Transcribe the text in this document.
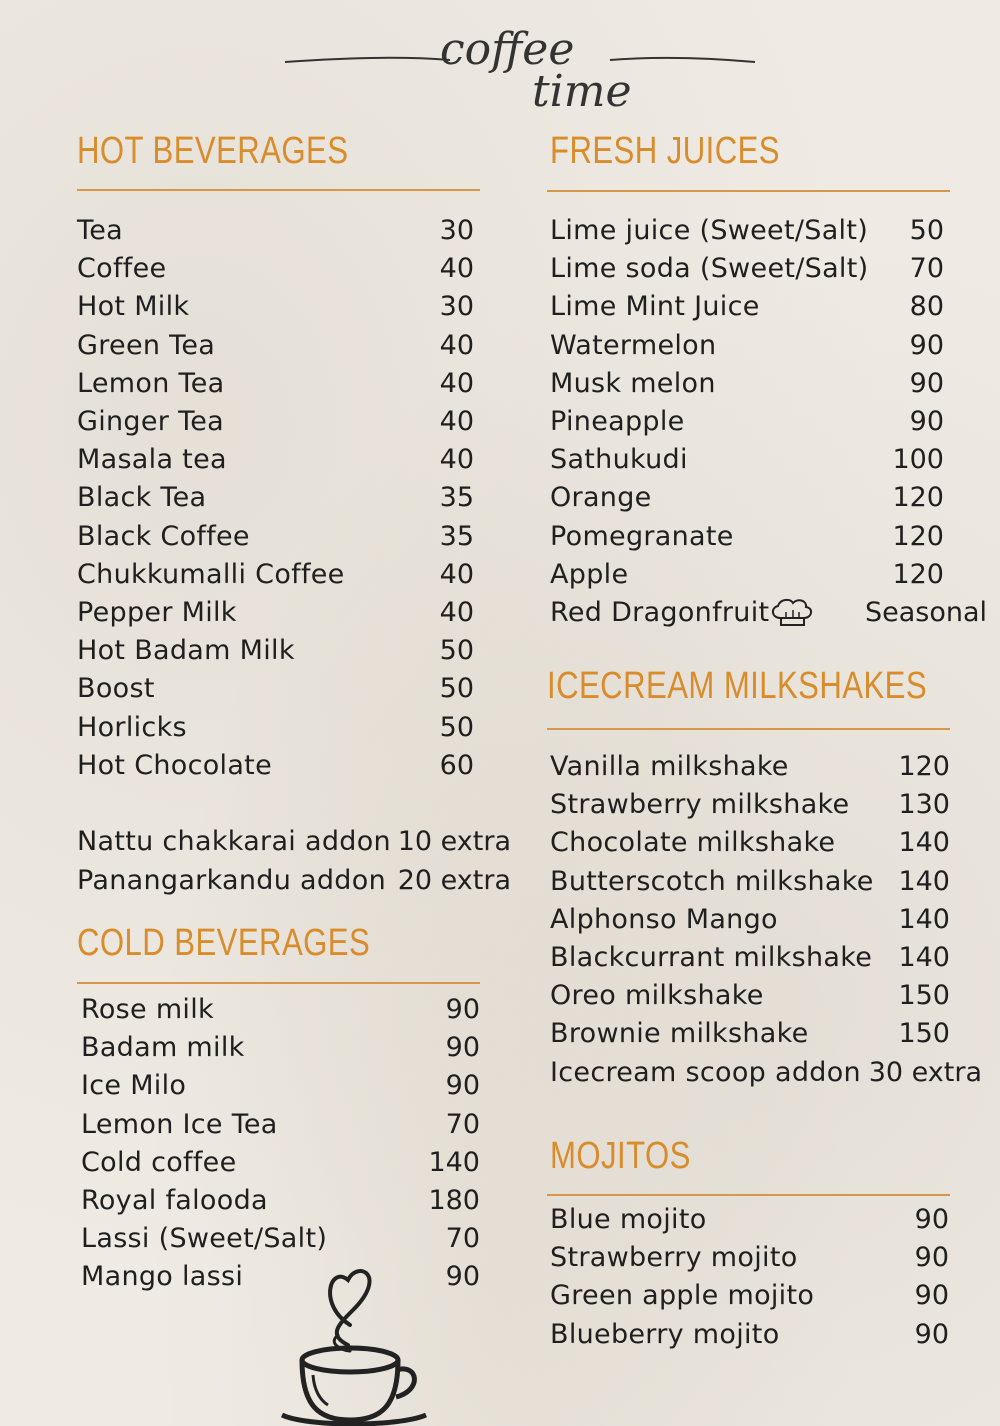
coffee
time
HOT BEVERAGES
Tea	30
Coffee	40
Hot Milk	30
Green Tea	40
Lemon Tea	40
Ginger Tea	40
Masala tea	40
Black Tea	35
Black Coffee	35
Chukkumalli Coffee	40
Pepper Milk	40
Hot Badam Milk	50
Boost	50
Horlicks	50
Hot Chocolate	60
Nattu chakkarai addon 10 extra
Panangarkandu addon 20 extra
COLD BEVERAGES
Rose milk	90
Badam milk	90
Ice Milo	90
Lemon Ice Tea	70
Cold coffee	140
Royal falooda	180
Lassi (Sweet/Salt)	70
Mango lassi	90
FRESH JUICES
Lime juice (Sweet/Salt) 50
Lime soda (Sweet/Salt) 70
Lime Mint Juice	80
Watermelon	90
Musk melon	90
Pineapple	90
Sathukudi	100
Orange	120
Pomegranate	120
Apple	120
Red Dragonfruit	Seasonal
ICECREAM MILKSHAKES
Vanilla milkshake	120
Strawberry milkshake 130
Chocolate milkshake 140
Butterscotch milkshake 140
Alphonso Mango	140
Blackcurrant milkshake 140
Oreo milkshake	150
Brownie milkshake	150
Icecream scoop addon 30 extra
MOJITOS
Blue mojito	90
Strawberry mojito	90
Green apple mojito	90
Blueberry mojito	90
